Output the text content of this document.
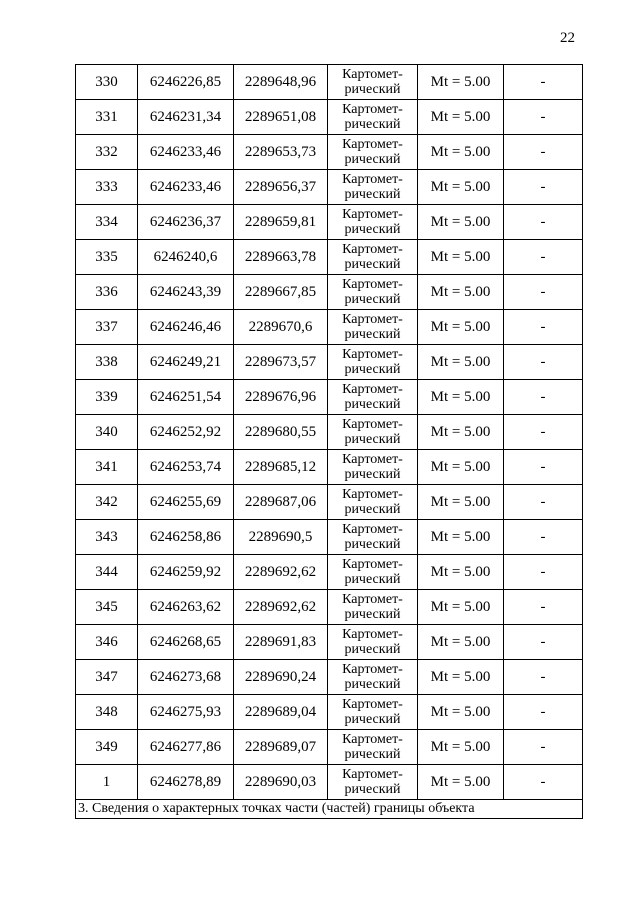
22
330	6246226,85	2289648,96	Картомет-
рический	Mt = 5.00	-
331	6246231,34	2289651,08	Картомет-
рический	Mt = 5.00	-
332	6246233,46	2289653,73	Картомет-
рический	Mt = 5.00	-
333	6246233,46	2289656,37	Картомет-
рический	Mt = 5.00	-
334	6246236,37	2289659,81	Картомет-
рический	Mt = 5.00	-
335	6246240,6	2289663,78	Картомет-
рический	Mt = 5.00	-
336	6246243,39	2289667,85	Картомет-
рический	Mt = 5.00	-
337	6246246,46	2289670,6	Картомет-
рический	Mt = 5.00	-
338	6246249,21	2289673,57	Картомет-
рический	Mt = 5.00	-
339	6246251,54	2289676,96	Картомет-
рический	Mt = 5.00	-
340	6246252,92	2289680,55	Картомет-
рический	Mt = 5.00	-
341	6246253,74	2289685,12	Картомет-
рический	Mt = 5.00	-
342	6246255,69	2289687,06	Картомет-
рический	Mt = 5.00	-
343	6246258,86	2289690,5	Картомет-
рический	Mt = 5.00	-
344	6246259,92	2289692,62	Картомет-
рический	Mt = 5.00	-
345	6246263,62	2289692,62	Картомет-
рический	Mt = 5.00	-
346	6246268,65	2289691,83	Картомет-
рический	Mt = 5.00	-
347	6246273,68	2289690,24	Картомет-
рический	Mt = 5.00	-
348	6246275,93	2289689,04	Картомет-
рический	Mt = 5.00	-
349	6246277,86	2289689,07	Картомет-
рический	Mt = 5.00	-
1	6246278,89	2289690,03	Картомет-
рический	Mt = 5.00	-
3. Сведения о характерных точках части (частей) границы объекта					
